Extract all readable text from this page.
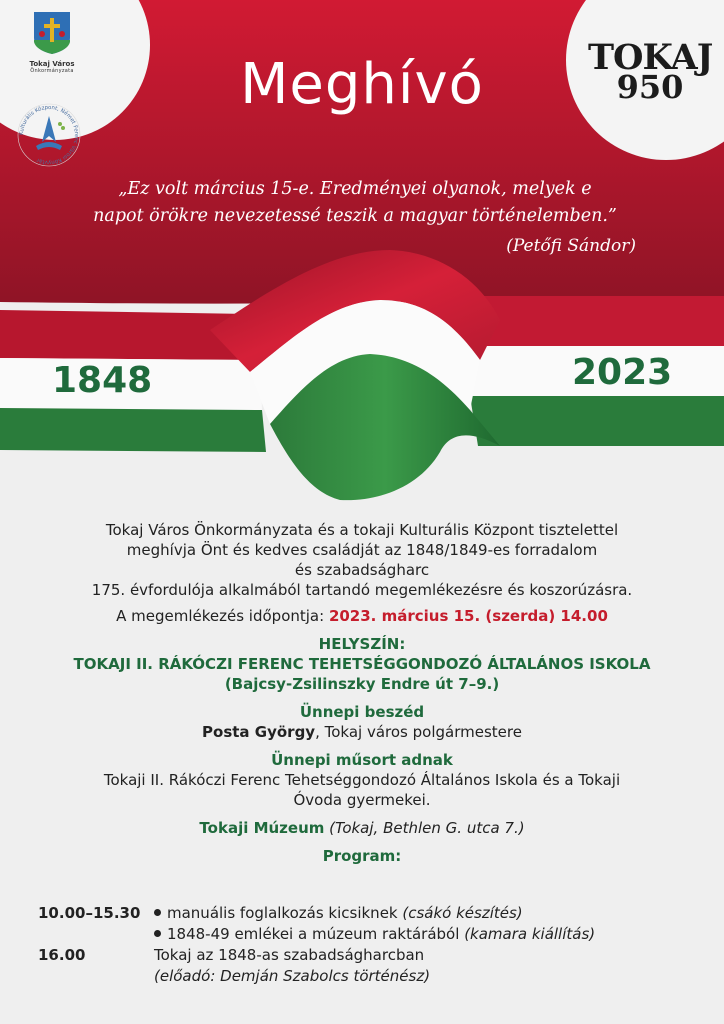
Tokaj Város
Önkormányzata
Kulturális Központ, Német Ferenc Városi Könyvtár
TOKAJ
950
Meghívó
„Ez volt március 15-e. Eredményei olyanok, melyek e
napot örökre nevezetessé teszik a magyar történelemben.”
(Petőfi Sándor)
1848	2023

Tokaj Város Önkormányzata és a tokaji Kulturális Központ tisztelettel

meghívja Önt és kedves családját az 1848/1849-es forradalom

és szabadságharc

175. évfordulója alkalmából tartandó megemlékezésre és koszorúzásra.

A megemlékezés időpontja: 2023. március 15. (szerda) 14.00

HELYSZÍN:

TOKAJI II. RÁKÓCZI FERENC TEHETSÉGGONDOZÓ ÁLTALÁNOS ISKOLA

(Bajcsy-Zsilinszky Endre út 7–9.)

Ünnepi beszéd

Posta György, Tokaj város polgármestere

Ünnepi műsort adnak

Tokaji II. Rákóczi Ferenc Tehetséggondozó Általános Iskola és a Tokaji

Óvoda gyermekei.

Tokaji Múzeum (Tokaj, Bethlen G. utca 7.)

Program:

10.00–15.30	manuális foglalkozás kicsiknek (csákó készítés)
1848-49 emlékei a múzeum raktárából (kamara kiállítás)
16.00	Tokaj az 1848-as szabadságharcban
(előadó: Demján Szabolcs történész)
